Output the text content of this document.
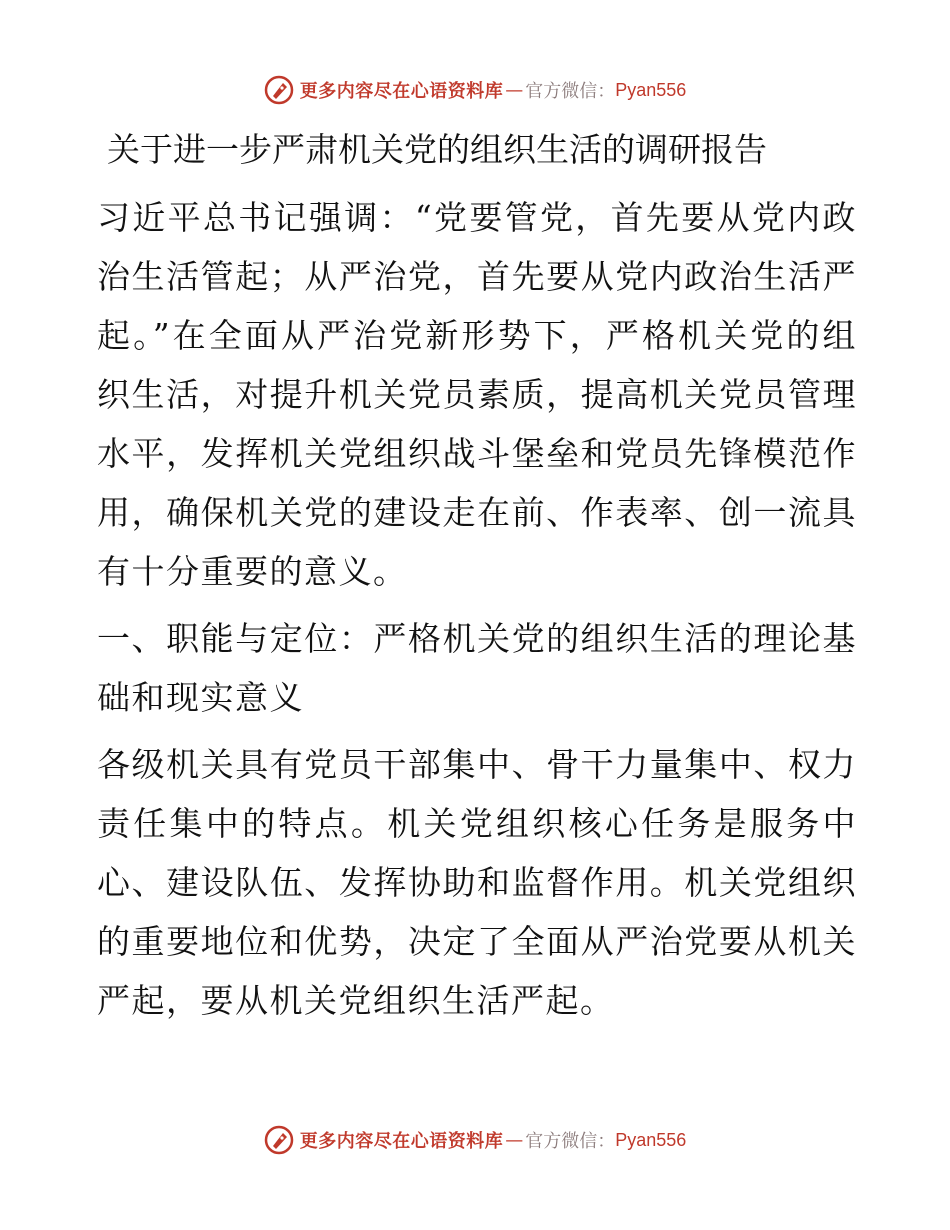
更多内容尽在心语资料库 — 官方微信： Pyan556
关于进一步严肃机关党的组织生活的调研报告

习近平总书记强调：“党要管党，首先要从党内政治生活管起；从严治党，首先要从党内政治生活严起。”在全面从严治党新形势下，严格机关党的组织生活，对提升机关党员素质，提高机关党员管理水平，发挥机关党组织战斗堡垒和党员先锋模范作用，确保机关党的建设走在前、作表率、创一流具有十分重要的意义。

一、职能与定位：严格机关党的组织生活的理论基础和现实意义

各级机关具有党员干部集中、骨干力量集中、权力责任集中的特点。机关党组织核心任务是服务中心、建设队伍、发挥协助和监督作用。机关党组织的重要地位和优势，决定了全面从严治党要从机关严起，要从机关党组织生活严起。

更多内容尽在心语资料库 — 官方微信： Pyan556
